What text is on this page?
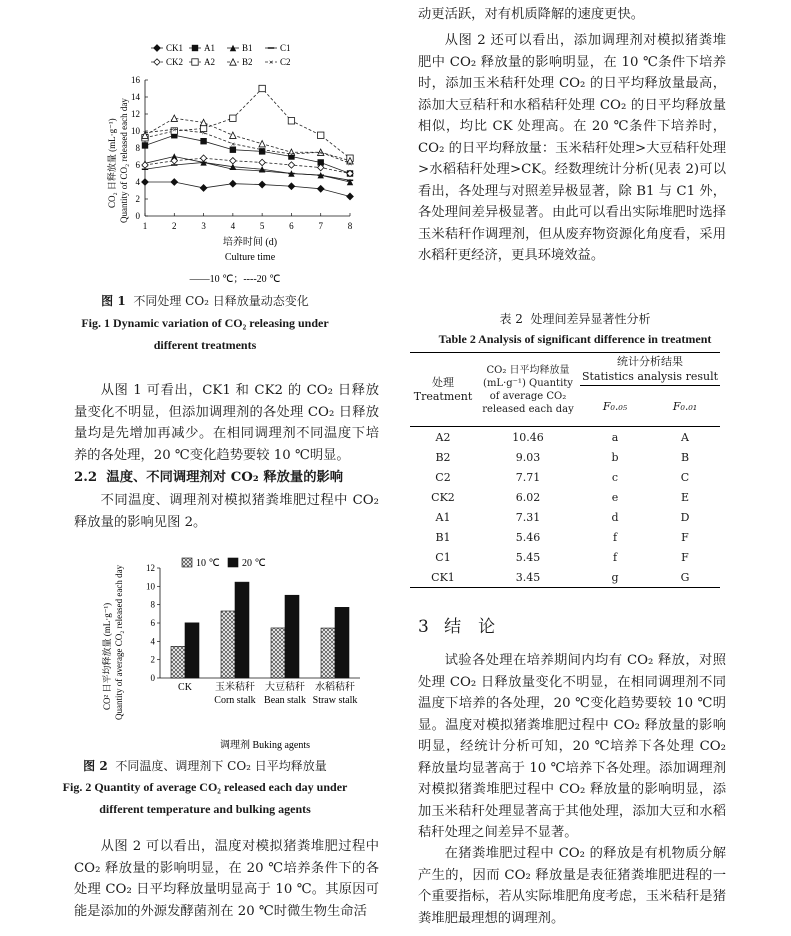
CK1 A1	B1	C1
CK2 A2	B2 × C2
0
2
4
6
8
10
12
14
16
1	2	3	4	5	6	7	8
×	×	×
×
×	×	×
×
CO₂ 日释放量 (mL·g⁻¹) Quantity of CO₂ released each day
培养时间 (d)
Culture time
——10 ℃；----20 ℃
图 1 不同处理 CO₂ 日释放量动态变化
Fig. 1 Dynamic variation of CO₂ releasing under
different treatments

从图 1 可看出，CK1 和 CK2 的 CO₂ 日释放量变化不明显，但添加调理剂的各处理 CO₂ 日释放量均是先增加再减少。在相同调理剂不同温度下培养的各处理，20 ℃变化趋势要较 10 ℃明显。

2.2 温度、不同调理剂对 CO₂ 释放量的影响

不同温度、调理剂对模拟猪粪堆肥过程中 CO₂ 释放量的影响见图 2。

10 ℃ 20 ℃
0
2
4
6
8
10
12
CK 玉米秸秆
Corn stalk
大豆秸秆
Bean stalk
水稻秸秆
Straw stalk
CO² 日平均释放量 (mL·g⁻¹) Quantity of average CO₂ released each day
调理剂 Buking agents
图 2 不同温度、调理剂下 CO₂ 日平均释放量
Fig. 2 Quantity of average CO₂ released each day under
different temperature and bulking agents

从图 2 可以看出，温度对模拟猪粪堆肥过程中 CO₂ 释放量的影响明显，在 20 ℃培养条件下的各处理 CO₂ 日平均释放量明显高于 10 ℃。其原因可能是添加的外源发酵菌剂在 20 ℃时微生物生命活

动更活跃，对有机质降解的速度更快。

从图 2 还可以看出，添加调理剂对模拟猪粪堆肥中 CO₂ 释放量的影响明显，在 10 ℃条件下培养时，添加玉米秸秆处理 CO₂ 的日平均释放量最高，添加大豆秸秆和水稻秸秆处理 CO₂ 的日平均释放量相似，均比 CK 处理高。在 20 ℃条件下培养时，CO₂ 的日平均释放量：玉米秸秆处理>大豆秸秆处理>水稻秸秆处理>CK。经数理统计分析(见表 2)可以看出，各处理与对照差异极显著，除 B1 与 C1 外，各处理间差异极显著。由此可以看出实际堆肥时选择玉米秸秆作调理剂，但从废弃物资源化角度看，采用水稻秆更经济，更具环境效益。

表 2 处理间差异显著性分析
Table 2 Analysis of significant difference in treatment
处理
Treatment	CO₂ 日平均释放量 (mL·g⁻¹) Quantity of average CO₂ released each day	统计分析结果
Statistics analysis result	
		F₀.₀₅	F₀.₀₁
A2	10.46	a	A
B2	9.03	b	B
C2	7.71	c	C
CK2	6.02	e	E
A1	7.31	d	D
B1	5.46	f	F
C1	5.45	f	F
CK1	3.45	g	G
3 结　论

试验各处理在培养期间内均有 CO₂ 释放，对照处理 CO₂ 日释放量变化不明显，在相同调理剂不同温度下培养的各处理，20 ℃变化趋势要较 10 ℃明显。温度对模拟猪粪堆肥过程中 CO₂ 释放量的影响明显，经统计分析可知，20 ℃培养下各处理 CO₂ 释放量均显著高于 10 ℃培养下各处理。添加调理剂对模拟猪粪堆肥过程中 CO₂ 释放量的影响明显，添加玉米秸秆处理显著高于其他处理，添加大豆和水稻秸秆处理之间差异不显著。

在猪粪堆肥过程中 CO₂ 的释放是有机物质分解产生的，因而 CO₂ 释放量是表征猪粪堆肥进程的一个重要指标，若从实际堆肥角度考虑，玉米秸秆是猪粪堆肥最理想的调理剂。
